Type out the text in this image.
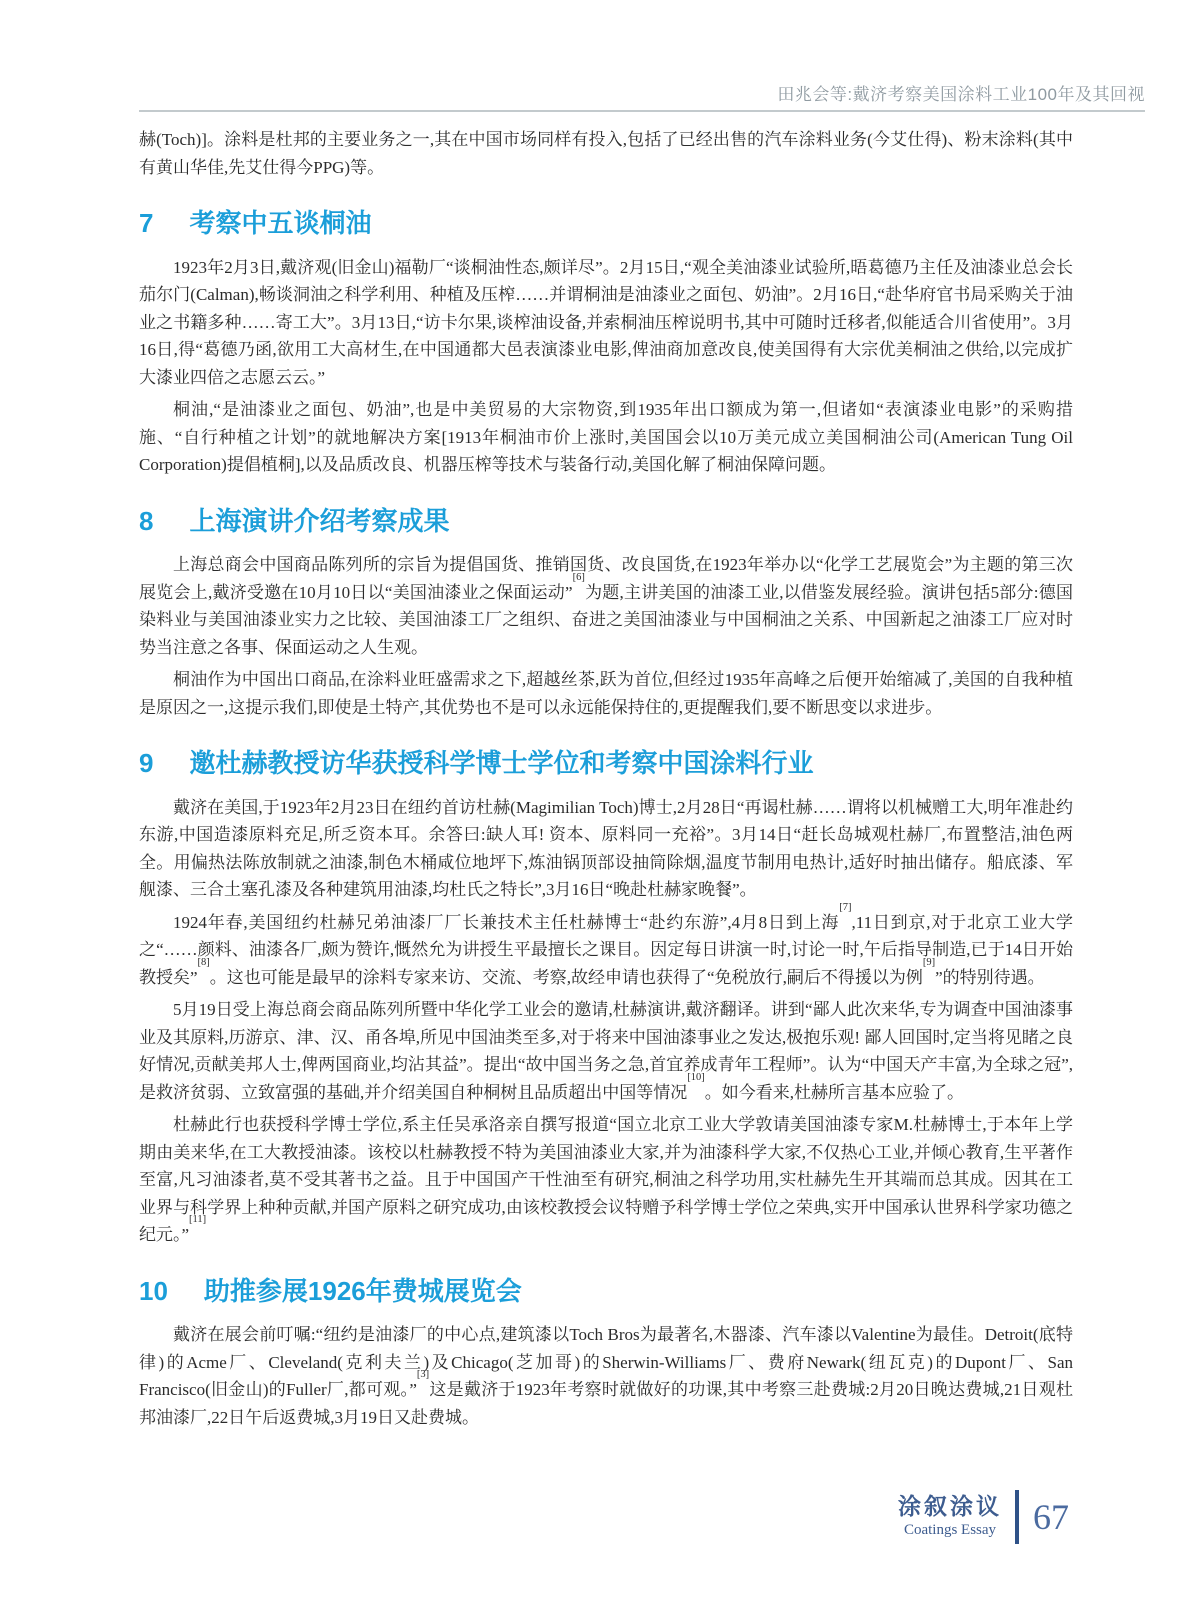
田兆会等:戴济考察美国涂料工业100年及其回视

赫(Toch)]。涂料是杜邦的主要业务之一,其在中国市场同样有投入,包括了已经出售的汽车涂料业务(今艾仕得)、粉末涂料(其中有黄山华佳,先艾仕得今PPG)等。

7 考察中五谈桐油

1923年2月3日,戴济观(旧金山)福勒厂“谈桐油性态,颇详尽”。2月15日,“观全美油漆业试验所,晤葛德乃主任及油漆业总会长茄尔门(Calman),畅谈洞油之科学利用、种植及压榨……并谓桐油是油漆业之面包、奶油”。2月16日,“赴华府官书局采购关于油业之书籍多种……寄工大”。3月13日,“访卡尔果,谈榨油设备,并索桐油压榨说明书,其中可随时迁移者,似能适合川省使用”。3月16日,得“葛德乃函,欲用工大高材生,在中国通都大邑表演漆业电影,俾油商加意改良,使美国得有大宗优美桐油之供给,以完成扩大漆业四倍之志愿云云。”

桐油,“是油漆业之面包、奶油”,也是中美贸易的大宗物资,到1935年出口额成为第一,但诸如“表演漆业电影”的采购措施、“自行种植之计划”的就地解决方案[1913年桐油市价上涨时,美国国会以10万美元成立美国桐油公司(American Tung Oil Corporation)提倡植桐],以及品质改良、机器压榨等技术与装备行动,美国化解了桐油保障问题。

8 上海演讲介绍考察成果

上海总商会中国商品陈列所的宗旨为提倡国货、推销国货、改良国货,在1923年举办以“化学工艺展览会”为主题的第三次展览会上,戴济受邀在10月10日以“美国油漆业之保面运动”[6]为题,主讲美国的油漆工业,以借鉴发展经验。演讲包括5部分:德国染料业与美国油漆业实力之比较、美国油漆工厂之组织、奋进之美国油漆业与中国桐油之关系、中国新起之油漆工厂应对时势当注意之各事、保面运动之人生观。

桐油作为中国出口商品,在涂料业旺盛需求之下,超越丝茶,跃为首位,但经过1935年高峰之后便开始缩减了,美国的自我种植是原因之一,这提示我们,即使是土特产,其优势也不是可以永远能保持住的,更提醒我们,要不断思变以求进步。

9 邀杜赫教授访华获授科学博士学位和考察中国涂料行业

戴济在美国,于1923年2月23日在纽约首访杜赫(Magimilian Toch)博士,2月28日“再谒杜赫……谓将以机械赠工大,明年准赴约东游,中国造漆原料充足,所乏资本耳。余答曰:缺人耳! 资本、原料同一充裕”。3月14日“赶长岛城观杜赫厂,布置整洁,油色两全。用偏热法陈放制就之油漆,制色木桶咸位地坪下,炼油锅顶部设抽筒除烟,温度节制用电热计,适好时抽出储存。船底漆、军舰漆、三合土塞孔漆及各种建筑用油漆,均杜氏之特长”,3月16日“晚赴杜赫家晚餐”。

1924年春,美国纽约杜赫兄弟油漆厂厂长兼技术主任杜赫博士“赴约东游”,4月8日到上海[7],11日到京,对于北京工业大学之“……颜料、油漆各厂,颇为赞许,慨然允为讲授生平最擅长之课目。因定每日讲演一时,讨论一时,午后指导制造,已于14日开始教授矣”[8]。这也可能是最早的涂料专家来访、交流、考察,故经申请也获得了“免税放行,嗣后不得援以为例[9]”的特别待遇。

5月19日受上海总商会商品陈列所暨中华化学工业会的邀请,杜赫演讲,戴济翻译。讲到“鄙人此次来华,专为调查中国油漆事业及其原料,历游京、津、汉、甬各埠,所见中国油类至多,对于将来中国油漆事业之发达,极抱乐观! 鄙人回国时,定当将见睹之良好情况,贡献美邦人士,俾两国商业,均沾其益”。提出“故中国当务之急,首宜养成青年工程师”。认为“中国天产丰富,为全球之冠”,是救济贫弱、立致富强的基础,并介绍美国自种桐树且品质超出中国等情况[10]。如今看来,杜赫所言基本应验了。

杜赫此行也获授科学博士学位,系主任吴承洛亲自撰写报道“国立北京工业大学敦请美国油漆专家M.杜赫博士,于本年上学期由美来华,在工大教授油漆。该校以杜赫教授不特为美国油漆业大家,并为油漆科学大家,不仅热心工业,并倾心教育,生平著作至富,凡习油漆者,莫不受其著书之益。且于中国国产干性油至有研究,桐油之科学功用,实杜赫先生开其端而总其成。因其在工业界与科学界上种种贡献,并国产原料之研究成功,由该校教授会议特赠予科学博士学位之荣典,实开中国承认世界科学家功德之纪元。”[11]

10 助推参展1926年费城展览会

戴济在展会前叮嘱:“纽约是油漆厂的中心点,建筑漆以Toch Bros为最著名,木器漆、汽车漆以Valentine为最佳。Detroit(底特律)的Acme厂、Cleveland(克利夫兰)及Chicago(芝加哥)的Sherwin-Williams厂、费府Newark(纽瓦克)的Dupont厂、San Francisco(旧金山)的Fuller厂,都可观。”[3]这是戴济于1923年考察时就做好的功课,其中考察三赴费城:2月20日晚达费城,21日观杜邦油漆厂,22日午后返费城,3月19日又赴费城。

涂叙涂议
Coatings Essay 67
